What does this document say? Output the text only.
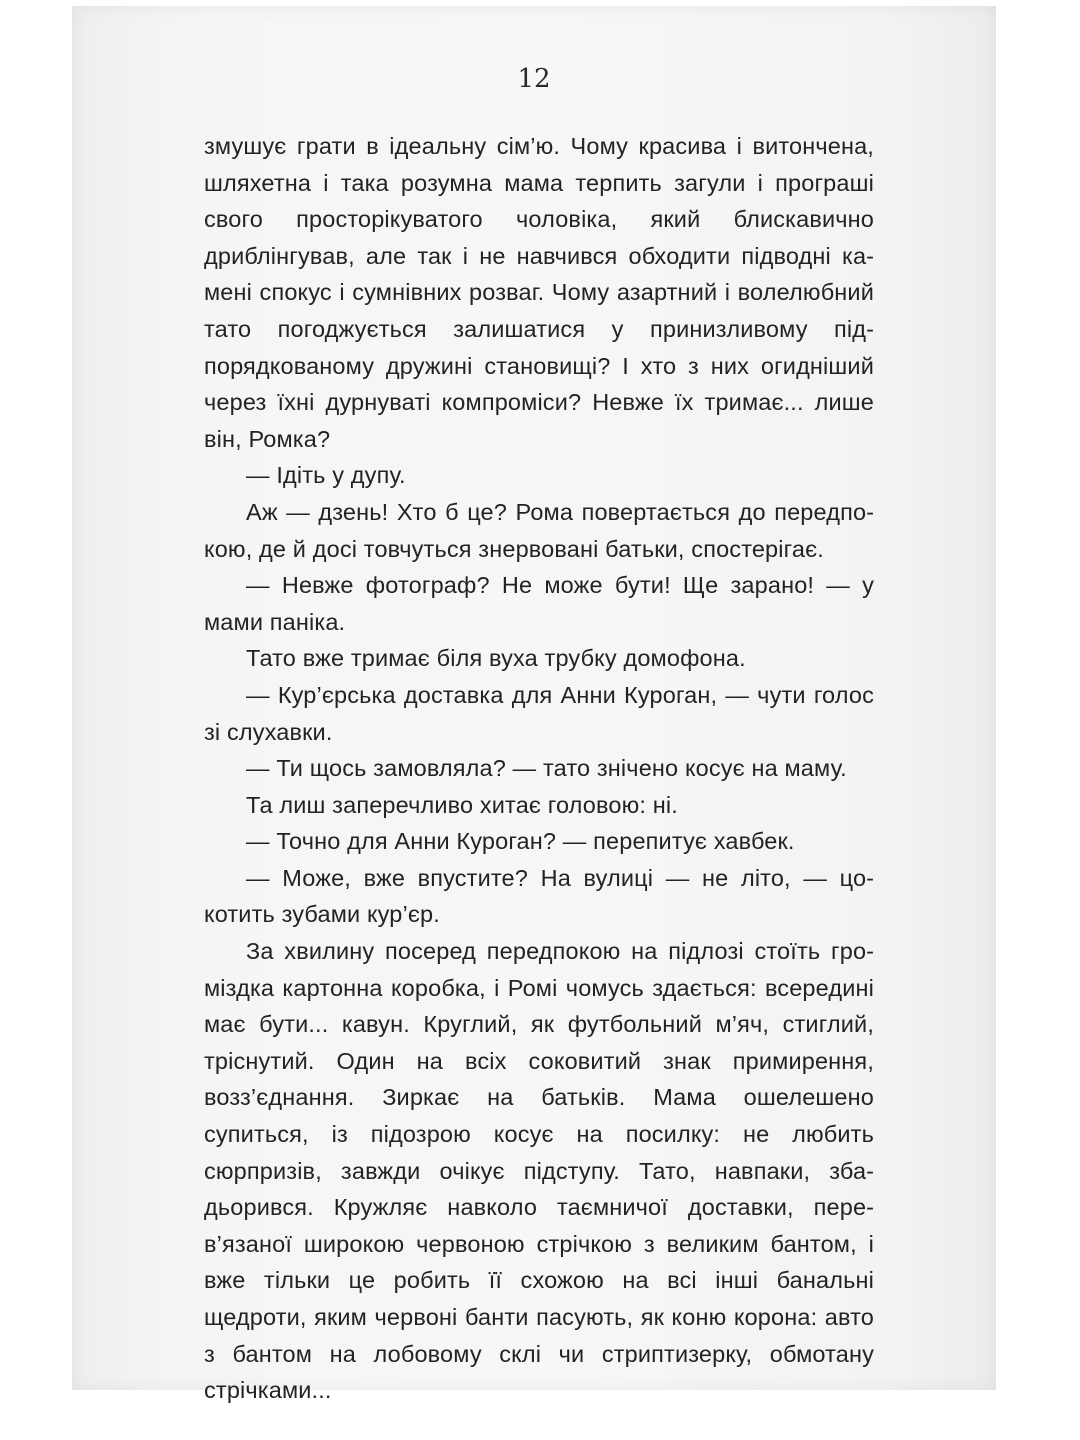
12

змушує грати в ідеальну сім’ю. Чому красива і витончена, шляхетна і така розумна мама терпить загули і програші свого просторікуватого чоловіка, який блискавично дриблінгував, але так і не навчився обходити підводні камені спокус і сумнівних розваг. Чому азартний і волелюбний тато погоджується залишатися у принизливому підпорядкованому дружині становищі? І хто з них огидніший через їхні дурнуваті компроміси? Невже їх тримає... лише він, Ромка?

— Ідіть у дупу.

Аж — дзень! Хто б це? Рома повертається до передпокою, де й досі товчуться знервовані батьки, спостерігає.

— Невже фотограф? Не може бути! Ще зарано! — у мами паніка.

Тато вже тримає біля вуха трубку домофона.

— Кур’єрська доставка для Анни Куроган, — чути голос зі слухавки.

— Ти щось замовляла? — тато знічено косує на маму.

Та лиш заперечливо хитає головою: ні.

— Точно для Анни Куроган? — перепитує хавбек.

— Може, вже впустите? На вулиці — не літо, — цокотить зубами кур’єр.

За хвилину посеред передпокою на підлозі стоїть громіздка картонна коробка, і Ромі чомусь здається: всередині має бути... кавун. Круглий, як футбольний м’яч, стиглий, тріснутий. Один на всіх соковитий знак примирення, возз’єднання. Зиркає на батьків. Мама ошелешено супиться, із підозрою косує на посилку: не любить сюрпризів, завжди очікує підступу. Тато, навпаки, збадьорився. Кружляє навколо таємничої доставки, перев’язаної широкою червоною стрічкою з великим бантом, і вже тільки це робить її схожою на всі інші банальні щедроти, яким червоні банти пасують, як коню корона: авто з бантом на лобовому склі чи стриптизерку, обмотану стрічками...
